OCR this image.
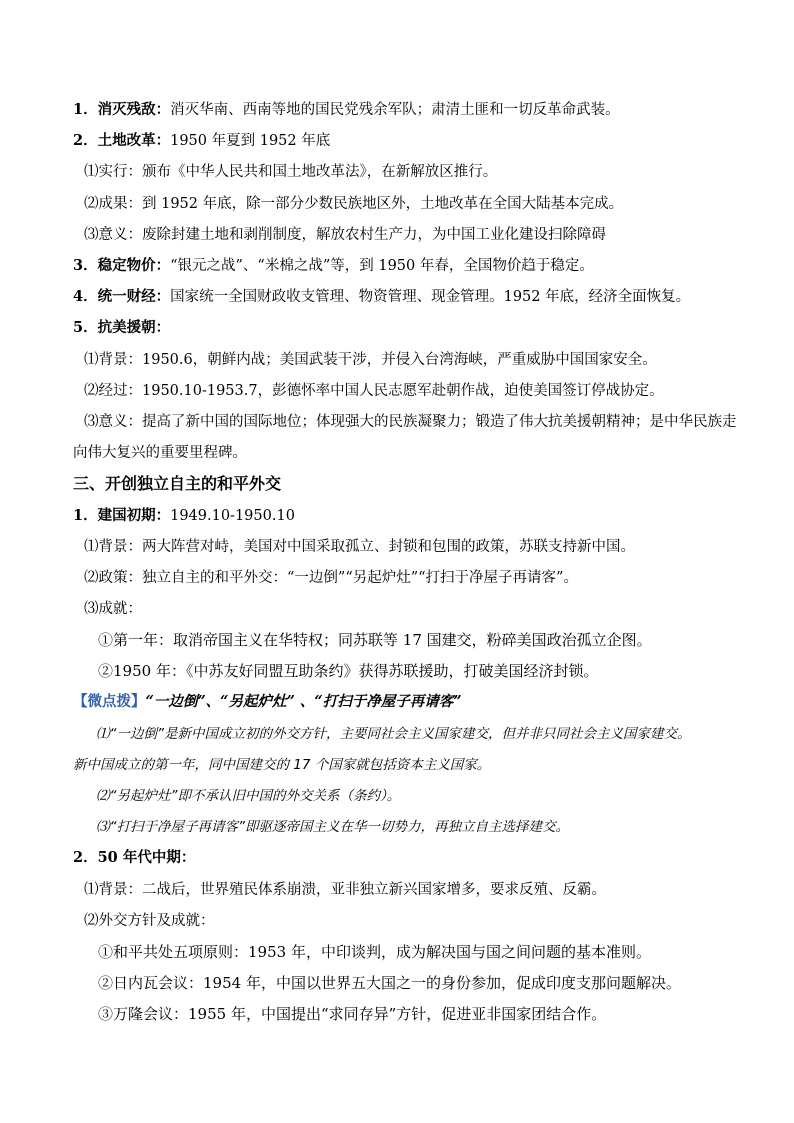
1．消灭残敌：消灭华南、西南等地的国民党残余军队；肃清土匪和一切反革命武装。
2．土地改革：1950 年夏到 1952 年底
⑴实行：颁布《中华人民共和国土地改革法》，在新解放区推行。
⑵成果：到 1952 年底，除一部分少数民族地区外，土地改革在全国大陆基本完成。
⑶意义：废除封建土地和剥削制度，解放农村生产力，为中国工业化建设扫除障碍
3．稳定物价：“银元之战”、“米棉之战”等，到 1950 年春，全国物价趋于稳定。
4．统一财经：国家统一全国财政收支管理、物资管理、现金管理。1952 年底，经济全面恢复。
5．抗美援朝：
⑴背景：1950.6，朝鲜内战；美国武装干涉，并侵入台湾海峡，严重威胁中国国家安全。
⑵经过：1950.10-1953.7，彭德怀率中国人民志愿军赴朝作战，迫使美国签订停战协定。
⑶意义：提高了新中国的国际地位；体现强大的民族凝聚力；锻造了伟大抗美援朝精神；是中华民族走
向伟大复兴的重要里程碑。
三、开创独立自主的和平外交
1．建国初期：1949.10-1950.10
⑴背景：两大阵营对峙，美国对中国采取孤立、封锁和包围的政策，苏联支持新中国。
⑵政策：独立自主的和平外交：“一边倒”“另起炉灶”“打扫于净屋子再请客”。
⑶成就：
①第一年：取消帝国主义在华特权；同苏联等 17 国建交，粉碎美国政治孤立企图。
②1950 年：《中苏友好同盟互助条约》获得苏联援助，打破美国经济封锁。
【微点拨】“一边倒”、“另起炉灶” 、“打扫于净屋子再请客”
⑴“一边倒”是新中国成立初的外交方针，主要同社会主义国家建交，但并非只同社会主义国家建交。
新中国成立的第一年，同中国建交的 17 个国家就包括资本主义国家。
⑵“另起炉灶”即不承认旧中国的外交关系（条约）。
⑶“打扫于净屋子再请客”即驱逐帝国主义在华一切势力，再独立自主选择建交。
2．50 年代中期：
⑴背景：二战后，世界殖民体系崩溃，亚非独立新兴国家增多，要求反殖、反霸。
⑵外交方针及成就：
①和平共处五项原则：1953 年，中印谈判，成为解决国与国之间问题的基本准则。
②日内瓦会议：1954 年，中国以世界五大国之一的身份参加，促成印度支那问题解决。
③万隆会议：1955 年，中国提出“求同存异”方针，促进亚非国家团结合作。
